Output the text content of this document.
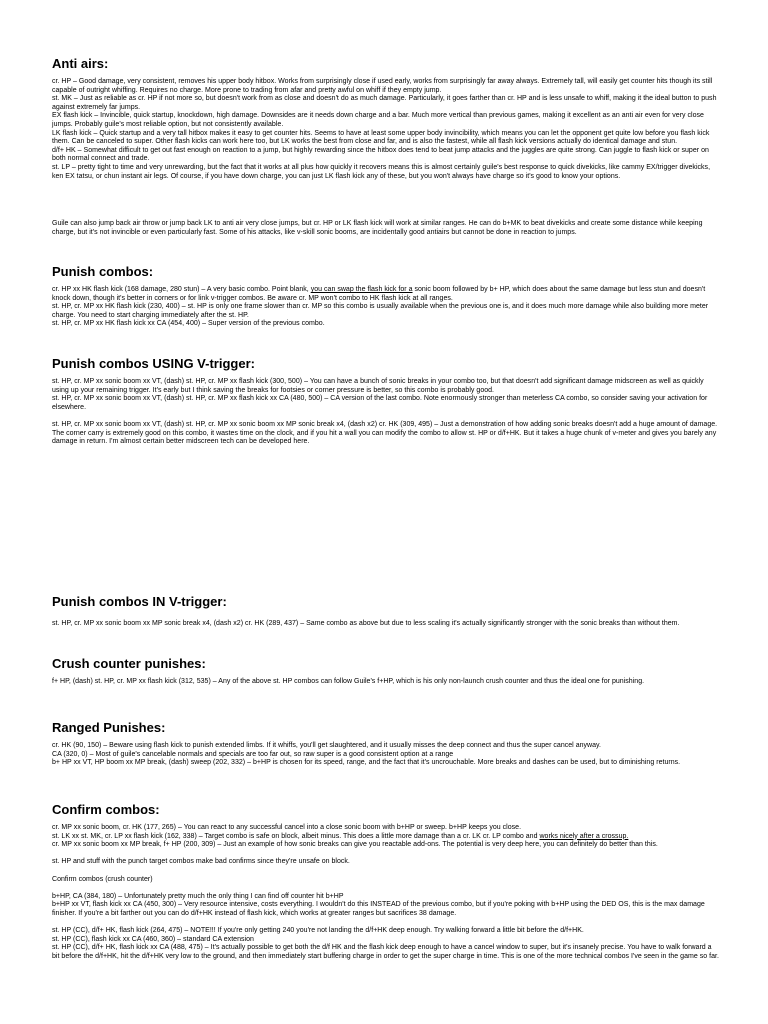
Anti airs:

cr. HP – Good damage, very consistent, removes his upper body hitbox. Works from surprisingly close if used early, works from surprisingly far away always. Extremely tall, will easily get counter hits though its still capable of outright whiffing. Requires no charge. More prone to trading from afar and pretty awful on whiff if they empty jump.

st. MK – Just as reliable as cr. HP if not more so, but doesn't work from as close and doesn't do as much damage. Particularly, it goes farther than cr. HP and is less unsafe to whiff, making it the ideal button to push against extremely far jumps.

EX flash kick – Invincible, quick startup, knockdown, high damage. Downsides are it needs down charge and a bar. Much more vertical than previous games, making it excellent as an anti air even for very close jumps. Probably guile's most reliable option, but not consistently available.

LK flash kick – Quick startup and a very tall hitbox makes it easy to get counter hits. Seems to have at least some upper body invincibility, which means you can let the opponent get quite low before you flash kick them. Can be canceled to super. Other flash kicks can work here too, but LK works the best from close and far, and is also the fastest, while all flash kick versions actually do identical damage and stun.

d/f+ HK – Somewhat difficult to get out fast enough on reaction to a jump, but highly rewarding since the hitbox does tend to beat jump attacks and the juggles are quite strong. Can juggle to flash kick or super on both normal connect and trade.

st. LP – pretty tight to time and very unrewarding, but the fact that it works at all plus how quickly it recovers means this is almost certainly guile's best response to quick divekicks, like cammy EX/trigger divekicks, ken EX tatsu, or chun instant air legs. Of course, if you have down charge, you can just LK flash kick any of these, but you won't always have charge so it's good to know your options.

Guile can also jump back air throw or jump back LK to anti air very close jumps, but cr. HP or LK flash kick will work at similar ranges. He can do b+MK to beat divekicks and create some distance while keeping charge, but it's not invincible or even particularly fast. Some of his attacks, like v-skill sonic booms, are incidentally good antiairs but cannot be done in reaction to jumps.

Punish combos:

cr. HP xx HK flash kick (168 damage, 280 stun) – A very basic combo. Point blank, you can swap the flash kick for a sonic boom followed by b+ HP, which does about the same damage but less stun and doesn't knock down, though it's better in corners or for link v-trigger combos. Be aware cr. MP won't combo to HK flash kick at all ranges.

st. HP, cr. MP xx HK flash kick (230, 400) – st. HP is only one frame slower than cr. MP so this combo is usually available when the previous one is, and it does much more damage while also building more meter charge. You need to start charging immediately after the st. HP.

st. HP, cr. MP xx HK flash kick xx CA (454, 400) – Super version of the previous combo.

Punish combos USING V-trigger:

st. HP, cr. MP xx sonic boom xx VT, (dash) st. HP, cr. MP xx flash kick (300, 500) – You can have a bunch of sonic breaks in your combo too, but that doesn't add significant damage midscreen as well as quickly using up your remaining trigger. It's early but I think saving the breaks for footsies or corner pressure is better, so this combo is probably good.

st. HP, cr. MP xx sonic boom xx VT, (dash) st. HP, cr. MP xx flash kick xx CA (480, 500) – CA version of the last combo. Note enormously stronger than meterless CA combo, so consider saving your activation for elsewhere.

st. HP, cr. MP xx sonic boom xx VT, (dash) st. HP, cr. MP xx sonic boom xx MP sonic break x4, (dash x2) cr. HK (309, 495) – Just a demonstration of how adding sonic breaks doesn't add a huge amount of damage. The corner carry is extremely good on this combo, it wastes time on the clock, and if you hit a wall you can modify the combo to allow st. HP or d/f+HK. But it takes a huge chunk of v-meter and gives you barely any damage in return. I'm almost certain better midscreen tech can be developed here.

Punish combos IN V-trigger:

st. HP, cr. MP xx sonic boom xx MP sonic break x4, (dash x2) cr. HK (289, 437) – Same combo as above but due to less scaling it's actually significantly stronger with the sonic breaks than without them.

Crush counter punishes:

f+ HP, (dash) st. HP, cr. MP xx flash kick (312, 535) – Any of the above st. HP combos can follow Guile's f+HP, which is his only non-launch crush counter and thus the ideal one for punishing.

Ranged Punishes:

cr. HK (90, 150) – Beware using flash kick to punish extended limbs. If it whiffs, you'll get slaughtered, and it usually misses the deep connect and thus the super cancel anyway.

CA (320, 0) – Most of guile's cancelable normals and specials are too far out, so raw super is a good consistent option at a range

b+ HP xx VT, HP boom xx MP break, (dash) sweep (202, 332) – b+HP is chosen for its speed, range, and the fact that it's uncrouchable. More breaks and dashes can be used, but to diminishing returns.

Confirm combos:

cr. MP xx sonic boom, cr. HK (177, 265) – You can react to any successful cancel into a close sonic boom with b+HP or sweep. b+HP keeps you close.

st. LK xx st. MK, cr. LP xx flash kick (162, 338) – Target combo is safe on block, albeit minus. This does a little more damage than a cr. LK cr. LP combo and works nicely after a crossup.

cr. MP xx sonic boom xx MP break, f+ HP (200, 309) – Just an example of how sonic breaks can give you reactable add-ons. The potential is very deep here, you can definitely do better than this.

st. HP and stuff with the punch target combos make bad confirms since they're unsafe on block.

Confirm combos (crush counter)

b+HP, CA (384, 180) – Unfortunately pretty much the only thing I can find off counter hit b+HP

b+HP xx VT, flash kick xx CA (450, 300) – Very resource intensive, costs everything. I wouldn't do this INSTEAD of the previous combo, but if you're poking with b+HP using the DED OS, this is the max damage finisher. If you're a bit farther out you can do d/f+HK instead of flash kick, which works at greater ranges but sacrifices 38 damage.

st. HP (CC), d/f+ HK, flash kick (264, 475) – NOTE!!! If you're only getting 240 you're not landing the d/f+HK deep enough. Try walking forward a little bit before the d/f+HK.

st. HP (CC), flash kick xx CA (460, 360) – standard CA extension

st. HP (CC), d/f+ HK, flash kick xx CA (488, 475) – It's actually possible to get both the d/f HK and the flash kick deep enough to have a cancel window to super, but it's insanely precise. You have to walk forward a bit before the d/f+HK, hit the d/f+HK very low to the ground, and then immediately start buffering charge in order to get the super charge in time. This is one of the more technical combos I've seen in the game so far.
